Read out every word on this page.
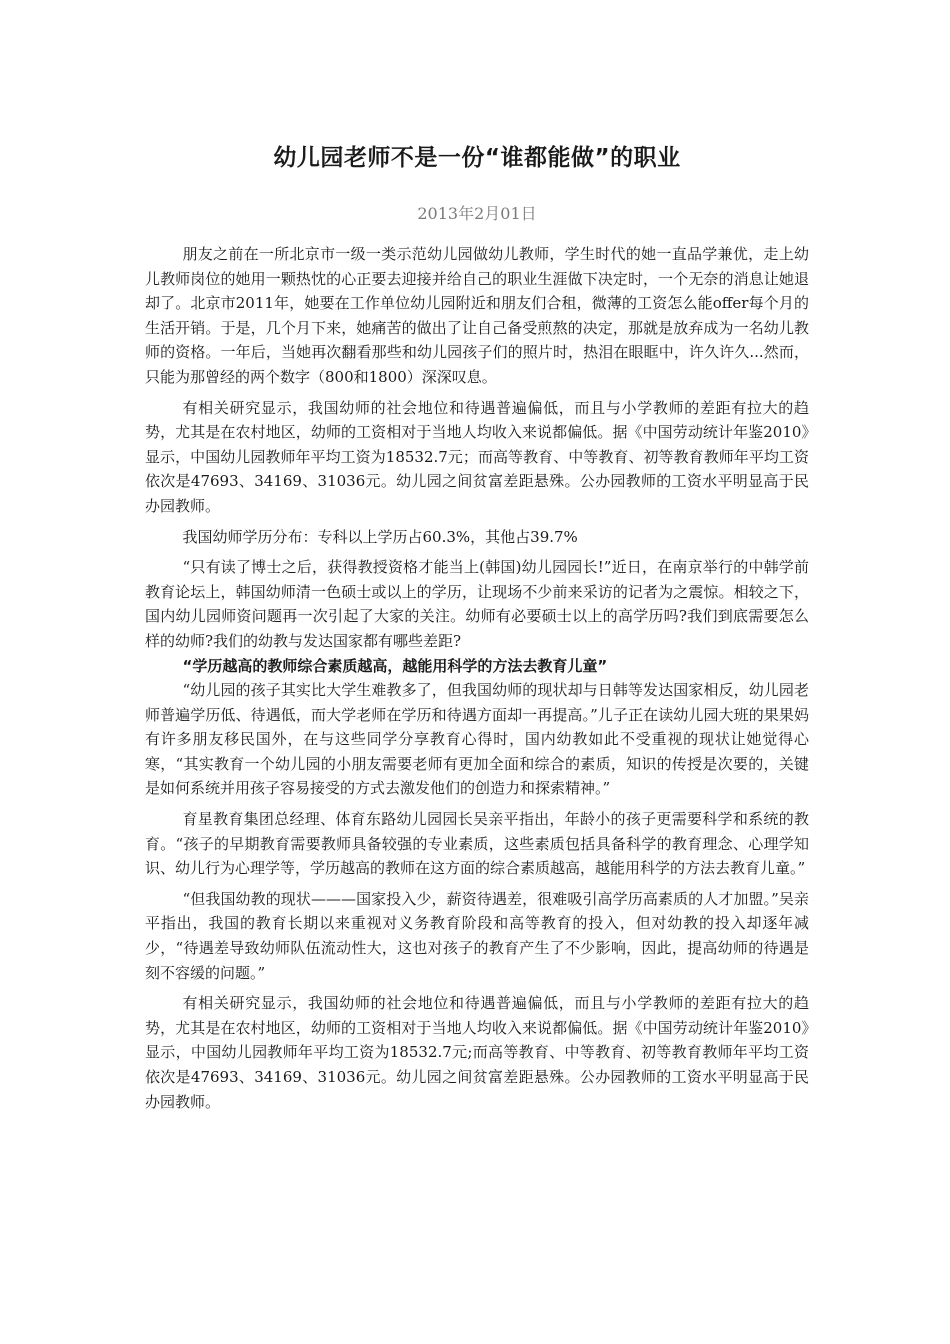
幼儿园老师不是一份“谁都能做”的职业
2013年2月01日

朋友之前在一所北京市一级一类示范幼儿园做幼儿教师，学生时代的她一直品学兼优，走上幼儿教师岗位的她用一颗热忱的心正要去迎接并给自己的职业生涯做下决定时，一个无奈的消息让她退却了。北京市2011年，她要在工作单位幼儿园附近和朋友们合租，微薄的工资怎么能offer每个月的生活开销。于是，几个月下来，她痛苦的做出了让自己备受煎熬的决定，那就是放弃成为一名幼儿教师的资格。一年后，当她再次翻看那些和幼儿园孩子们的照片时，热泪在眼眶中，许久许久...然而，只能为那曾经的两个数字（800和1800）深深叹息。

有相关研究显示，我国幼师的社会地位和待遇普遍偏低，而且与小学教师的差距有拉大的趋势，尤其是在农村地区，幼师的工资相对于当地人均收入来说都偏低。据《中国劳动统计年鉴2010》显示，中国幼儿园教师年平均工资为18532.7元；而高等教育、中等教育、初等教育教师年平均工资依次是47693、34169、31036元。幼儿园之间贫富差距悬殊。公办园教师的工资水平明显高于民办园教师。

我国幼师学历分布：专科以上学历占60.3%，其他占39.7%

“只有读了博士之后，获得教授资格才能当上(韩国)幼儿园园长!”近日，在南京举行的中韩学前教育论坛上，韩国幼师清一色硕士或以上的学历，让现场不少前来采访的记者为之震惊。相较之下，国内幼儿园师资问题再一次引起了大家的关注。幼师有必要硕士以上的高学历吗?我们到底需要怎么样的幼师?我们的幼教与发达国家都有哪些差距?

“学历越高的教师综合素质越高，越能用科学的方法去教育儿童”

“幼儿园的孩子其实比大学生难教多了，但我国幼师的现状却与日韩等发达国家相反，幼儿园老师普遍学历低、待遇低，而大学老师在学历和待遇方面却一再提高。”儿子正在读幼儿园大班的果果妈有许多朋友移民国外，在与这些同学分享教育心得时，国内幼教如此不受重视的现状让她觉得心寒，“其实教育一个幼儿园的小朋友需要老师有更加全面和综合的素质，知识的传授是次要的，关键是如何系统并用孩子容易接受的方式去激发他们的创造力和探索精神。”

育星教育集团总经理、体育东路幼儿园园长吴亲平指出，年龄小的孩子更需要科学和系统的教育。“孩子的早期教育需要教师具备较强的专业素质，这些素质包括具备科学的教育理念、心理学知识、幼儿行为心理学等，学历越高的教师在这方面的综合素质越高，越能用科学的方法去教育儿童。”

“但我国幼教的现状———国家投入少，薪资待遇差，很难吸引高学历高素质的人才加盟。”吴亲平指出，我国的教育长期以来重视对义务教育阶段和高等教育的投入，但对幼教的投入却逐年减少，“待遇差导致幼师队伍流动性大，这也对孩子的教育产生了不少影响，因此，提高幼师的待遇是刻不容缓的问题。”

有相关研究显示，我国幼师的社会地位和待遇普遍偏低，而且与小学教师的差距有拉大的趋势，尤其是在农村地区，幼师的工资相对于当地人均收入来说都偏低。据《中国劳动统计年鉴2010》显示，中国幼儿园教师年平均工资为18532.7元;而高等教育、中等教育、初等教育教师年平均工资依次是47693、34169、31036元。幼儿园之间贫富差距悬殊。公办园教师的工资水平明显高于民办园教师。
